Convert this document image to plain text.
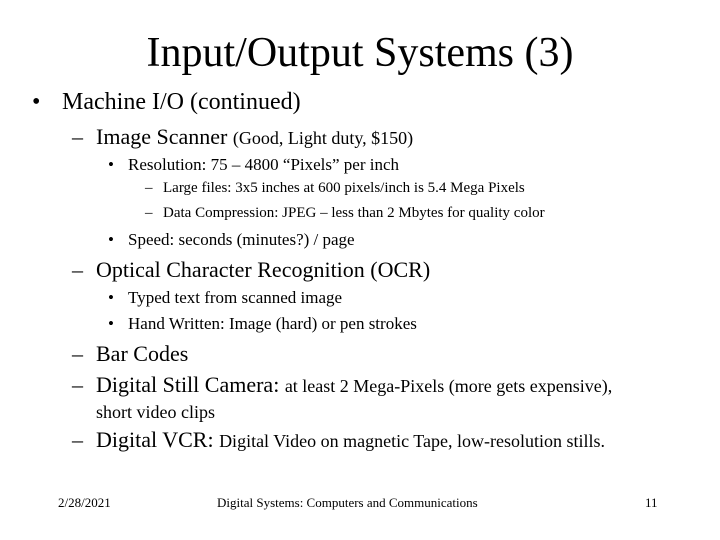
Input/Output Systems (3)
• Machine I/O (continued)
– Image Scanner (Good, Light duty, $150)
• Resolution: 75 – 4800 “Pixels” per inch
– Large files: 3x5 inches at 600 pixels/inch is 5.4 Mega Pixels
– Data Compression: JPEG – less than 2 Mbytes for quality color
• Speed: seconds (minutes?) / page
– Optical Character Recognition (OCR)
• Typed text from scanned image
• Hand Written: Image (hard) or pen strokes
– Bar Codes
– Digital Still Camera: at least 2 Mega-Pixels (more gets expensive),
short video clips
– Digital VCR: Digital Video on magnetic Tape, low-resolution stills.
2/28/2021	Digital Systems: Computers and Communications	11
